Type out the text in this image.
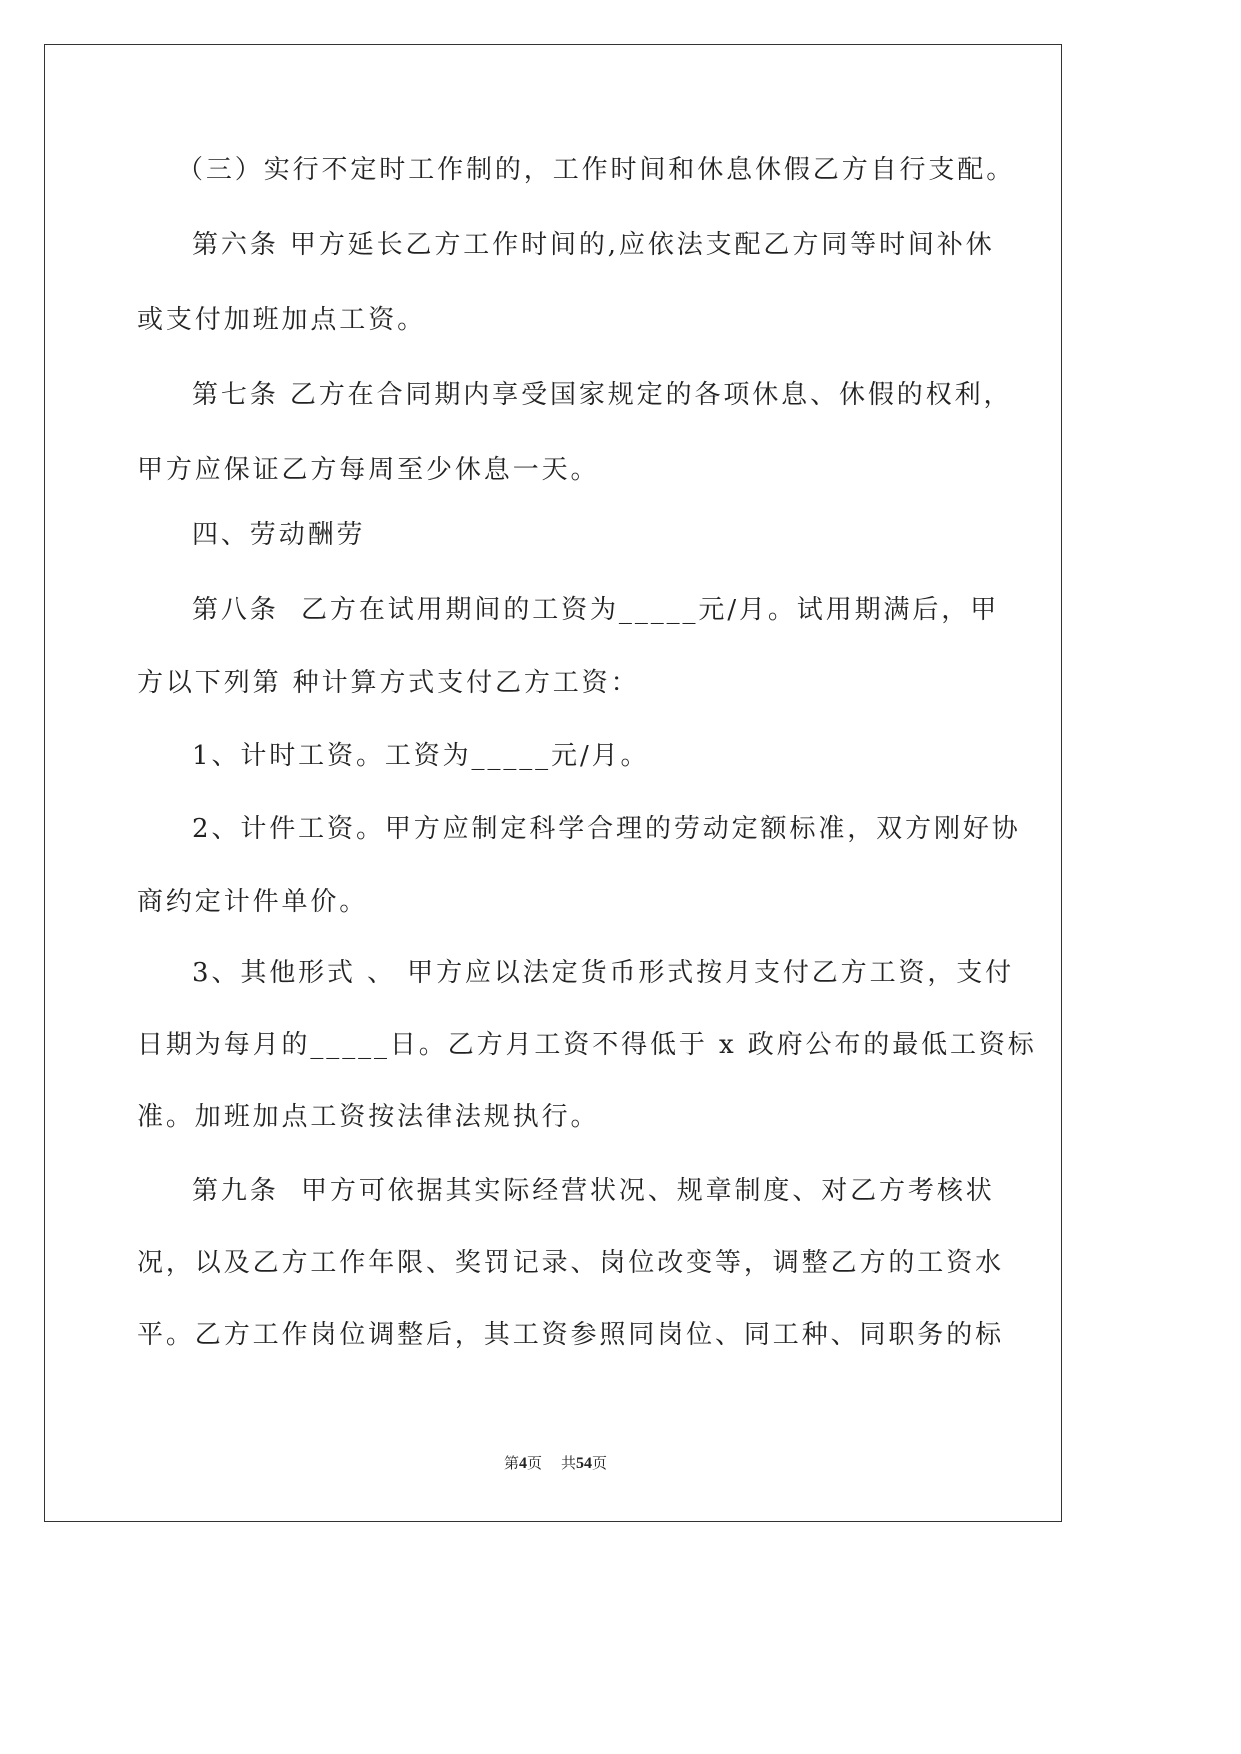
（三）实行不定时工作制的，工作时间和休息休假乙方自行支配。
第六条 甲方延长乙方工作时间的,应依法支配乙方同等时间补休
或支付加班加点工资。
第七条 乙方在合同期内享受国家规定的各项休息、休假的权利，
甲方应保证乙方每周至少休息一天。
四、劳动酬劳
第八条  乙方在试用期间的工资为_____元/月。试用期满后，甲
方以下列第 种计算方式支付乙方工资：
1、计时工资。工资为_____元/月。
2、计件工资。甲方应制定科学合理的劳动定额标准，双方刚好协
商约定计件单价。
3、其他形式 、 甲方应以法定货币形式按月支付乙方工资，支付
日期为每月的_____日。乙方月工资不得低于 x 政府公布的最低工资标
准。加班加点工资按法律法规执行。
第九条  甲方可依据其实际经营状况、规章制度、对乙方考核状
况，以及乙方工作年限、奖罚记录、岗位改变等，调整乙方的工资水
平。乙方工作岗位调整后，其工资参照同岗位、同工种、同职务的标
第4页    共54页
